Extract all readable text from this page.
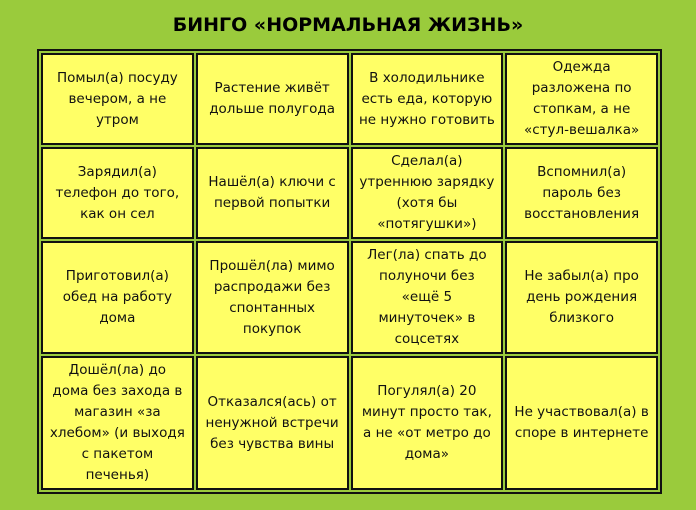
БИНГО «НОРМАЛЬНАЯ ЖИЗНЬ»
Помыл(а) посуду вечером, а не утром	Растение живёт дольше полугода	В холодильнике есть еда, которую не нужно готовить	Одежда разложена по стопкам, а не «стул-вешалка»
Зарядил(а) телефон до того, как он сел	Нашёл(а) ключи с первой попытки	Сделал(а) утреннюю зарядку (хотя бы «потягушки»)	Вспомнил(а) пароль без восстановления
Приготовил(а) обед на работу дома	Прошёл(ла) мимо распродажи без спонтанных покупок	Лег(ла) спать до полуночи без «ещё 5 минуточек» в соцсетях	Не забыл(а) про день рождения близкого
Дошёл(ла) до дома без захода в магазин «за хлебом» (и выходя с пакетом печенья)	Отказался(ась) от ненужной встречи без чувства вины	Погулял(а) 20 минут просто так, а не «от метро до дома»	Не участвовал(а) в споре в интернете
